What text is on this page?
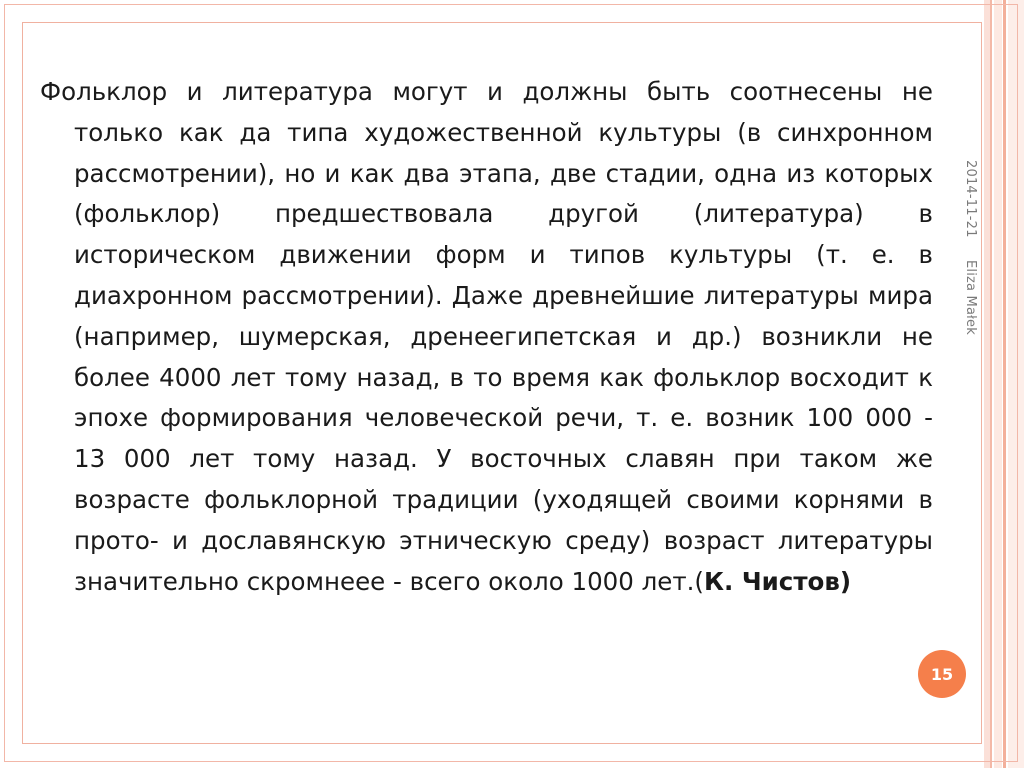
Фольклор и литература могут и должны быть соотнесены не только как да типа художественной культуры (в синхронном рассмотрении), но и как два этапа, две стадии, одна из которых (фольклор) предшествовала другой (литература) в историческом движении форм и типов культуры (т. е. в диахронном рассмотрении). Даже древнейшие литературы мира (например, шумерская, дренеегипетская и др.) возникли не более 4000 лет тому назад, в то время как фольклор восходит к эпохе формирования человеческой речи, т. е. возник 100 000 - 13 000 лет тому назад. У восточных славян при таком же возрасте фольклорной традиции (уходящей своими корнями в прото- и дославянскую этническую среду) возраст литературы значительно скромнеее - всего около 1000 лет.(К. Чистов)
2014-11-21Eliza Małek
15
